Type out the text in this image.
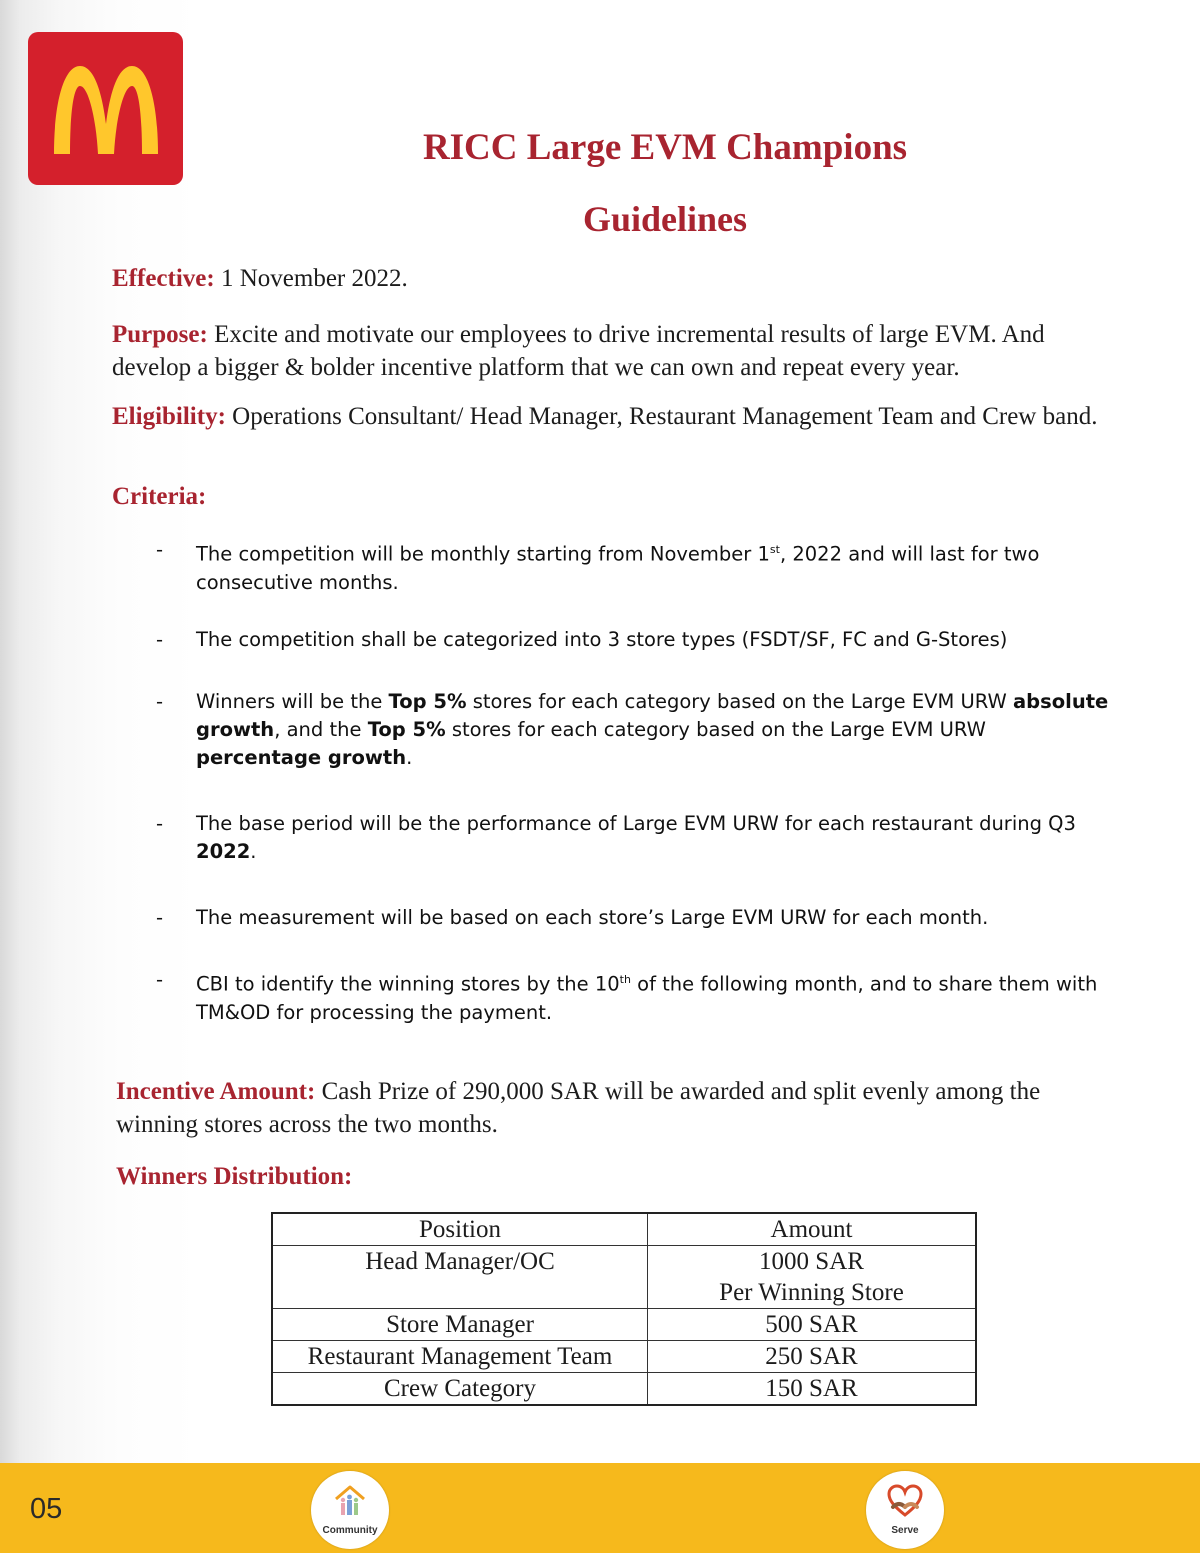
RICC Large EVM Champions
Guidelines

Effective: 1 November 2022.

Purpose: Excite and motivate our employees to drive incremental results of large EVM. And develop a bigger & bolder incentive platform that we can own and repeat every year.

Eligibility: Operations Consultant/ Head Manager, Restaurant Management Team and Crew band.

Criteria:

- The competition will be monthly starting from November 1st, 2022 and will last for two consecutive months.
- The competition shall be categorized into 3 store types (FSDT/SF, FC and G-Stores)
- Winners will be the Top 5% stores for each category based on the Large EVM URW absolute growth, and the Top 5% stores for each category based on the Large EVM URW percentage growth.
- The base period will be the performance of Large EVM URW for each restaurant during Q3 2022.
- The measurement will be based on each store’s Large EVM URW for each month.
- CBI to identify the winning stores by the 10th of the following month, and to share them with TM&OD for processing the payment.

Incentive Amount: Cash Prize of 290,000 SAR will be awarded and split evenly among the winning stores across the two months.

Winners Distribution:

Position	Amount
Head Manager/OC	1000 SAR
Per Winning Store

Store Manager	500 SAR
Restaurant Management Team	250 SAR
Crew Category	150 SAR
05
Community	Serve
